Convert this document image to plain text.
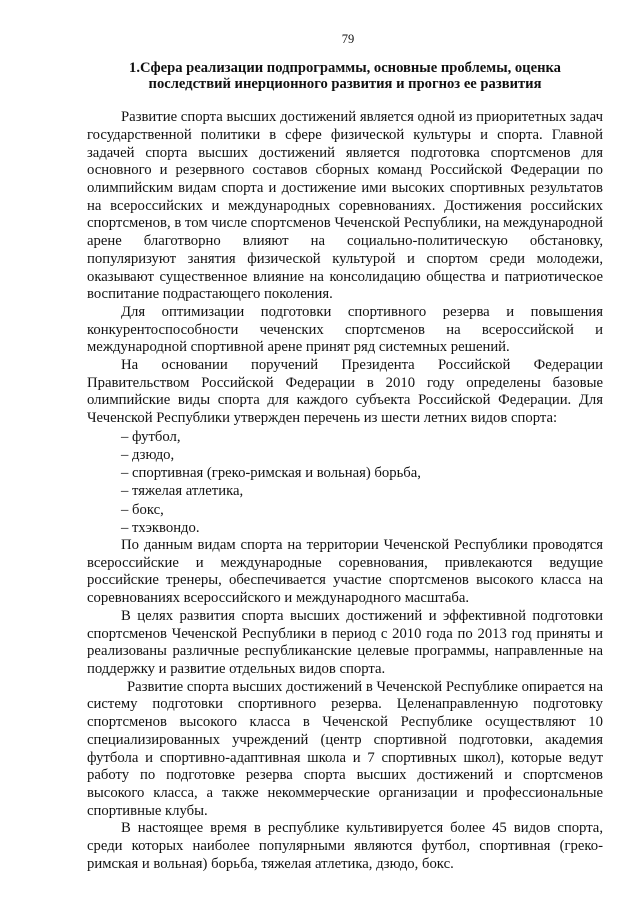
79
1.Сфера реализации подпрограммы, основные проблемы, оценка
последствий инерционного развития и прогноз ее развития

Развитие спорта высших достижений является одной из приоритетных задач государственной политики в сфере физической культуры и спорта. Главной задачей спорта высших достижений является подготовка спортсменов для основного и резервного составов сборных команд Российской Федерации по олимпийским видам спорта и достижение ими высоких спортивных результатов на всероссийских и международных соревнованиях. Достижения российских спортсменов, в том числе спортсменов Чеченской Республики, на международной арене благотворно влияют на социально-политическую обстановку, популяризуют занятия физической культурой и спортом среди молодежи, оказывают существенное влияние на консолидацию общества и патриотическое воспитание подрастающего поколения.

Для оптимизации подготовки спортивного резерва и повышения конкурентоспособности чеченских спортсменов на всероссийской и международной спортивной арене принят ряд системных решений.

На основании поручений Президента Российской Федерации Правительством Российской Федерации в 2010 году определены базовые олимпийские виды спорта для каждого субъекта Российской Федерации. Для Чеченской Республики утвержден перечень из шести летних видов спорта:

– футбол,
– дзюдо,
– спортивная (греко-римская и вольная) борьба,
– тяжелая атлетика,
– бокс,
– тхэквондо.

По данным видам спорта на территории Чеченской Республики проводятся всероссийские и международные соревнования, привлекаются ведущие российские тренеры, обеспечивается участие спортсменов высокого класса на соревнованиях всероссийского и международного масштаба.

В целях развития спорта высших достижений и эффективной подготовки спортсменов Чеченской Республики в период с 2010 года по 2013 год приняты и реализованы различные республиканские целевые программы, направленные на поддержку и развитие отдельных видов спорта.

Развитие спорта высших достижений в Чеченской Республике опирается на систему подготовки спортивного резерва. Целенаправленную подготовку спортсменов высокого класса в Чеченской Республике осуществляют 10 специализированных учреждений (центр спортивной подготовки, академия футбола и спортивно-адаптивная школа и 7 спортивных школ), которые ведут работу по подготовке резерва спорта высших достижений и спортсменов высокого класса, а также некоммерческие организации и профессиональные спортивные клубы.

В настоящее время в республике культивируется более 45 видов спорта, среди которых наиболее популярными являются футбол, спортивная (греко-римская и вольная) борьба, тяжелая атлетика, дзюдо, бокс.
